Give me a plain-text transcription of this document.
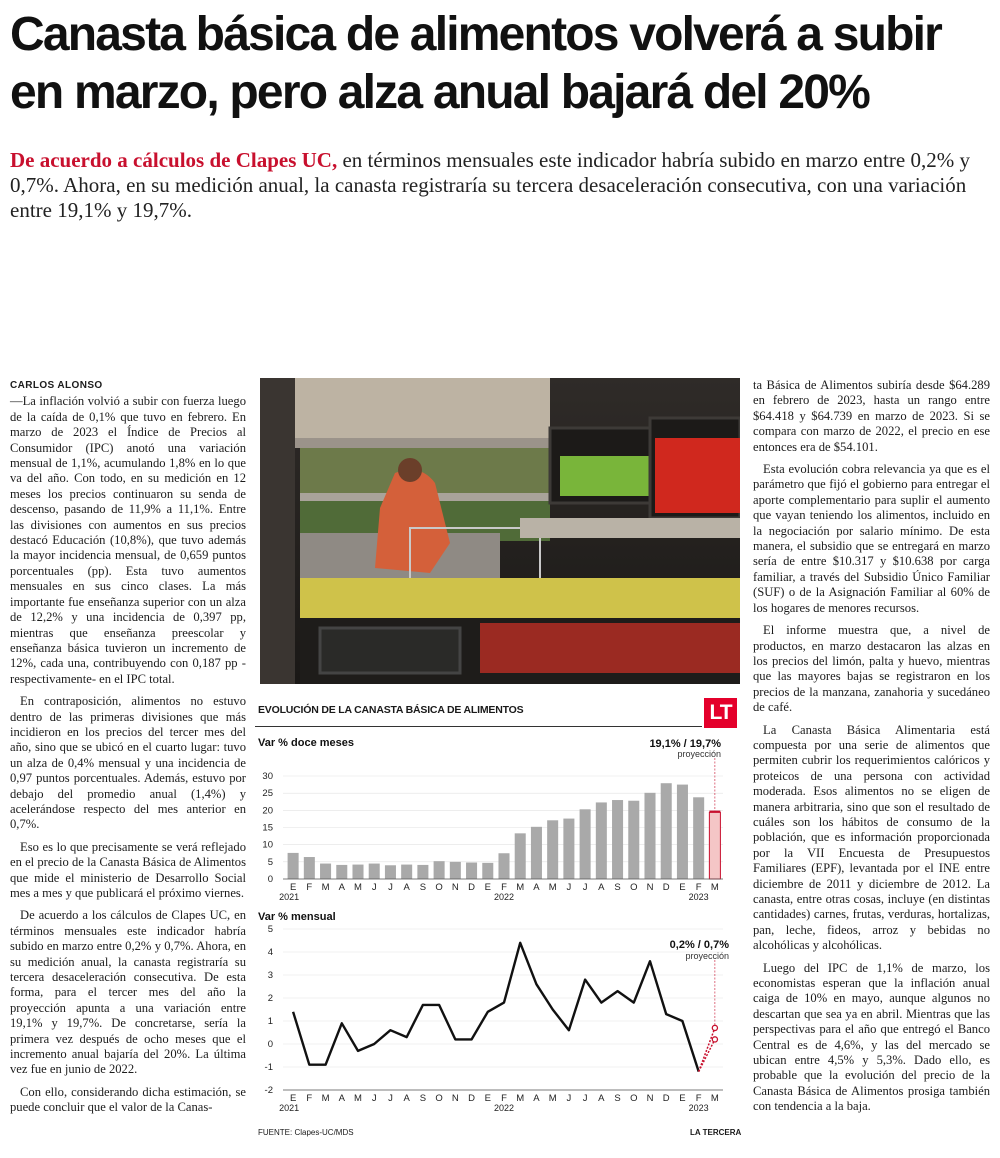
Canasta básica de alimentos volverá a subir
en marzo, pero alza anual bajará del 20%
De acuerdo a cálculos de Clapes UC, en términos mensuales este indicador habría subido en marzo entre 0,2% y 0,7%. Ahora, en su medición anual, la canasta registraría su tercera desaceleración consecutiva, con una variación entre 19,1% y 19,7%.
CARLOS ALONSO

—La inflación volvió a subir con fuerza luego de la caída de 0,1% que tuvo en febrero. En marzo de 2023 el Índice de Precios al Consumidor (IPC) anotó una variación mensual de 1,1%, acumulando 1,8% en lo que va del año. Con todo, en su medición en 12 meses los precios continuaron su senda de descenso, pasando de 11,9% a 11,1%. Entre las divisiones con aumentos en sus precios destacó Educación (10,8%), que tuvo además la mayor incidencia mensual, de 0,659 puntos porcentuales (pp). Esta tuvo aumentos mensuales en sus cinco clases. La más importante fue enseñanza superior con un alza de 12,2% y una incidencia de 0,397 pp, mientras que enseñanza preescolar y enseñanza básica tuvieron un incremento de 12%, cada una, contribuyendo con 0,187 pp -respectivamente- en el IPC total.

En contraposición, alimentos no estuvo dentro de las primeras divisiones que más incidieron en los precios del tercer mes del año, sino que se ubicó en el cuarto lugar: tuvo un alza de 0,4% mensual y una incidencia de 0,97 puntos porcentuales. Además, estuvo por debajo del promedio anual (1,4%) y acelerándose respecto del mes anterior en 0,7%.

Eso es lo que precisamente se verá reflejado en el precio de la Canasta Básica de Alimentos que mide el ministerio de Desarrollo Social mes a mes y que publicará el próximo viernes.

De acuerdo a los cálculos de Clapes UC, en términos mensuales este indicador habría subido en marzo entre 0,2% y 0,7%. Ahora, en su medición anual, la canasta registraría su tercera desaceleración consecutiva. De esta forma, para el tercer mes del año la proyección apunta a una variación entre 19,1% y 19,7%. De concretarse, sería la primera vez después de ocho meses que el incremento anual bajaría del 20%. La última vez fue en junio de 2022.

Con ello, considerando dicha estimación, se puede concluir que el valor de la Canas-

EVOLUCIÓN DE LA CANASTA BÁSICA DE ALIMENTOS	LT
Var % doce meses
0
5
10
15
20
25
30
19,1% / 19,7%
proyección
E F M A M J J A S O N D E F M A M J J A S O N D E F M
2021	2022	2023
Var % mensual
-2
-1
0
1
2
3
4
5
0,2% / 0,7%
proyección
E F M A M J J A S O N D E F M A M J J A S O N D E F M
2021	2022	2023
FUENTE: Clapes-UC/MDS	LA TERCERA

ta Básica de Alimentos subiría desde $64.289 en febrero de 2023, hasta un rango entre $64.418 y $64.739 en marzo de 2023. Si se compara con marzo de 2022, el precio en ese entonces era de $54.101.

Esta evolución cobra relevancia ya que es el parámetro que fijó el gobierno para entregar el aporte complementario para suplir el aumento que vayan teniendo los alimentos, incluido en la negociación por salario mínimo. De esta manera, el subsidio que se entregará en marzo sería de entre $10.317 y $10.638 por carga familiar, a través del Subsidio Único Familiar (SUF) o de la Asignación Familiar al 60% de los hogares de menores recursos.

El informe muestra que, a nivel de productos, en marzo destacaron las alzas en los precios del limón, palta y huevo, mientras que las mayores bajas se registraron en los precios de la manzana, zanahoria y sucedáneo de café.

La Canasta Básica Alimentaria está compuesta por una serie de alimentos que permiten cubrir los requerimientos calóricos y proteicos de una persona con actividad moderada. Esos alimentos no se eligen de manera arbitraria, sino que son el resultado de cuáles son los hábitos de consumo de la población, que es información proporcionada por la VII Encuesta de Presupuestos Familiares (EPF), levantada por el INE entre diciembre de 2011 y diciembre de 2012. La canasta, entre otras cosas, incluye (en distintas cantidades) carnes, frutas, verduras, hortalizas, pan, leche, fideos, arroz y bebidas no alcohólicas y alcohólicas.

Luego del IPC de 1,1% de marzo, los economistas esperan que la inflación anual caiga de 10% en mayo, aunque algunos no descartan que sea ya en abril. Mientras que las perspectivas para el año que entregó el Banco Central es de 4,6%, y las del mercado se ubican entre 4,5% y 5,3%. Dado ello, es probable que la evolución del precio de la Canasta Básica de Alimentos prosiga también con tendencia a la baja.
